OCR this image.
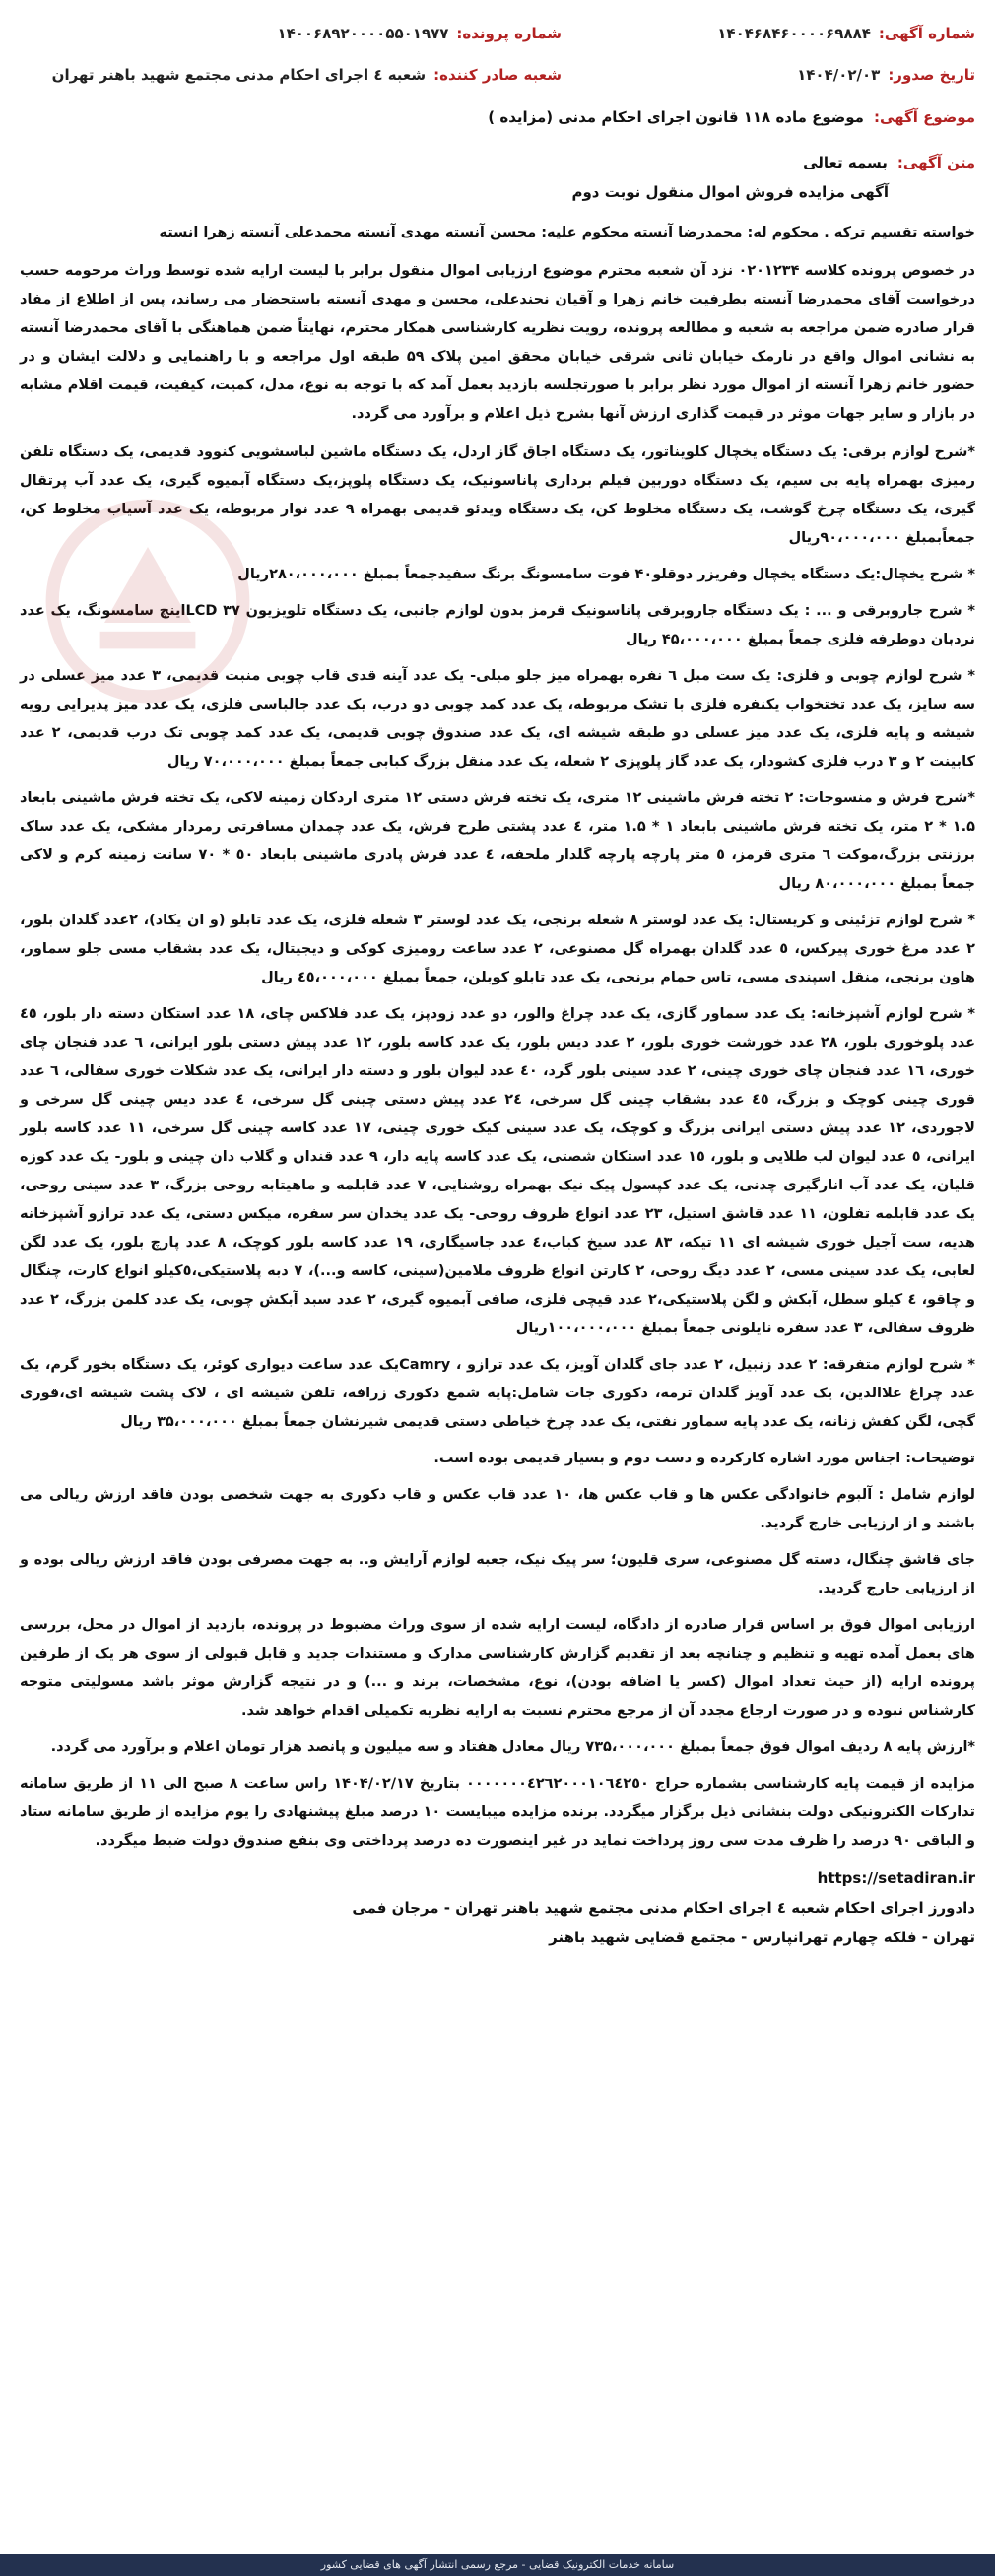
شماره آگهی:
۱۴۰۴۶۸۴۶۰۰۰۰۶۹۸۸۴
شماره پرونده:
۱۴۰۰۶۸۹۲۰۰۰۰۵۵۰۱۹۷۷
تاریخ صدور:
۱۴۰۴/۰۲/۰۳
شعبه صادر کننده:
شعبه ٤ اجرای احکام مدنی مجتمع شهید باهنر تهران
موضوع آگهی:
موضوع ماده ۱۱۸ قانون اجرای احکام مدنی (مزایده )
متن آگهی:
بسمه تعالی
آگهی مزایده فروش اموال منقول نوبت دوم
خواسته تقسیم ترکه . محکوم له: محمدرضا آنسته محکوم علیه: محسن آنسته مهدی آنسته محمدعلی آنسته زهرا انسته
در خصوص پرونده کلاسه ۰۲۰۱۲۳۴ نزد آن شعبه محترم موضوع ارزیابی اموال منقول برابر با لیست ارایه شده توسط وراث مرحومه حسب درخواست آقای محمدرضا آنسته بطرفیت خانم زهرا و آقیان نحندعلی، محسن و مهدی آنسته باستحضار می رساند، پس از اطلاع از مفاد قرار صادره ضمن مراجعه به شعبه و مطالعه پرونده، رویت نظریه کارشناسی همکار محترم، نهایتاً ضمن هماهنگی با آقای محمدرضا آنسته به نشانی اموال واقع در نارمک خیابان ثانی شرقی خیابان محقق امین پلاک ۵۹ طبقه اول مراجعه و با راهنمایی و دلالت ایشان و در حضور خانم زهرا آنسته از اموال مورد نظر برابر با صورتجلسه بازدید بعمل آمد که با توجه به نوع، مدل، کمیت، کیفیت، قیمت اقلام مشابه در بازار و سایر جهات موثر در قیمت گذاری ارزش آنها بشرح ذیل اعلام و برآورد می گردد.
*شرح لوازم برقی: یک دستگاه یخچال کلویناتور، یک دستگاه اجاق گاز اردل، یک دستگاه ماشین لباسشویی کنوود قدیمی، یک دستگاه تلفن رمیزی بهمراه پایه بی سیم، یک دستگاه دوربین فیلم برداری پاناسونیک، یک دستگاه پلوپز،یک دستگاه آبمیوه گیری، یک عدد آب پرتقال گیری، یک دستگاه چرخ گوشت، یک دستگاه مخلوط کن، یک دستگاه ویدئو قدیمی بهمراه ۹ عدد نوار مربوطه، یک عدد آسیاب مخلوط کن، جمعاًبمبلغ ۹۰،۰۰۰،۰۰۰ریال
* شرح یخچال:یک دستگاه یخچال وفریزر دوقلو۴۰ فوت سامسونگ برنگ سفیدجمعاً بمبلغ ۲۸۰،۰۰۰،۰۰۰ریال
* شرح جاروبرقی و ... : یک دستگاه جاروبرقی پاناسونیک قرمز بدون لوازم جانبی، یک دستگاه تلویزیون LCD ۳۷اینچ سامسونگ، یک عدد نردبان دوطرفه فلزی جمعاً بمبلغ ۴۵،۰۰۰،۰۰۰ ریال
* شرح لوازم چوبی و فلزی: یک ست مبل ٦ نفره بهمراه میز جلو مبلی- یک عدد آینه قدی قاب چوبی منبت قدیمی، ۳ عدد میز عسلی در سه سایز، یک عدد تختخواب یکنفره فلزی با تشک مربوطه، یک عدد کمد چوبی دو درب، یک عدد جالباسی فلزی، یک عدد میز پذیرایی رویه شیشه و پایه فلزی، یک عدد میز عسلی دو طبقه شیشه ای، یک عدد صندوق چوبی قدیمی، یک عدد کمد چوبی تک درب قدیمی، ۲ عدد کابینت ۲ و ۳ درب فلزی کشودار، یک عدد گاز پلوپزی ۲ شعله، یک عدد منقل بزرگ کبابی جمعاً بمبلغ ۷۰،۰۰۰،۰۰۰ ریال
*شرح فرش و منسوجات: ۲ تخته فرش ماشینی ۱۲ متری، یک تخته فرش دستی ۱۲ متری اردکان زمینه لاکی، یک تخته فرش ماشینی بابعاد ۱.۵ * ۲ متر، یک تخته فرش ماشینی بابعاد ۱ * ۱.۵ متر، ٤ عدد پشتی طرح فرش، یک عدد چمدان مسافرتی رمردار مشکی، یک عدد ساک برزنتی بزرگ،موکت ٦ متری قرمز، ٥ متر پارچه پارچه گلدار ملحفه، ٤ عدد فرش پادری ماشینی بابعاد ٥٠ * ٧٠ سانت زمینه کرم و لاکی جمعاً بمبلغ ۸۰،۰۰۰،۰۰۰ ریال
* شرح لوازم تزئینی و کریستال: یک عدد لوستر ۸ شعله برنجی، یک عدد لوستر ۳ شعله فلزی، یک عدد تابلو (و ان یکاد)، ۲عدد گلدان بلور، ۲ عدد مرغ خوری پیرکس، ٥ عدد گلدان بهمراه گل مصنوعی، ۲ عدد ساعت رومیزی کوکی و دیجیتال، یک عدد بشقاب مسی جلو سماور، هاون برنجی، منقل اسپندی مسی، تاس حمام برنجی، یک عدد تابلو کوبلن، جمعاً بمبلغ ٤٥،٠٠٠،٠٠٠ ریال
* شرح لوازم آشپزخانه: یک عدد سماور گازی، یک عدد چراغ والور، دو عدد زودپز، یک عدد فلاکس چای، ۱۸ عدد استکان دسته دار بلور، ٤٥ عدد پلوخوری بلور، ۲۸ عدد خورشت خوری بلور، ۲ عدد دیس بلور، یک عدد کاسه بلور، ۱۲ عدد پیش دستی بلور ایرانی، ٦ عدد فنجان چای خوری، ١٦ عدد فنجان چای خوری چینی، ۲ عدد سینی بلور گرد، ٤٠ عدد لیوان بلور و دسته دار ایرانی، یک عدد شکلات خوری سفالی، ٦ عدد قوری چینی کوچک و بزرگ، ٤٥ عدد بشقاب چینی گل سرخی، ۲٤ عدد پیش دستی چینی گل سرخی، ٤ عدد دیس چینی گل سرخی و لاجوردی، ١٢ عدد پیش دستی ایرانی بزرگ و کوچک، یک عدد سینی کیک خوری چینی، ١٧ عدد کاسه چینی گل سرخی، ١١ عدد کاسه بلور ایرانی، ٥ عدد لیوان لب طلایی و بلور، ١٥ عدد استکان شصتی، یک عدد کاسه پایه دار، ۹ عدد قندان و گلاب دان چینی و بلور- یک عدد کوزه قلیان، یک عدد آب انارگیری چدنی، یک عدد کپسول پیک نیک بهمراه روشنایی، ۷ عدد قابلمه و ماهیتابه روحی بزرگ، ۳ عدد سینی روحی، یک عدد قابلمه تفلون، ۱۱ عدد قاشق استیل، ۲۳ عدد انواع ظروف روحی- یک عدد یخدان سر سفره، میکس دستی، یک عدد ترازو آشپزخانه هدیه، ست آجیل خوری شیشه ای ۱۱ تیکه، ۸۳ عدد سیخ کباب،٤ عدد جاسیگاری، ۱۹ عدد کاسه بلور کوچک، ۸ عدد پارچ بلور، یک عدد لگن لعابی، یک عدد سینی مسی، ۲ عدد دیگ روحی، ۲ کارتن انواع ظروف ملامین(سینی، کاسه و...)، ۷ دبه پلاستیکی،٥کیلو انواع کارت، چنگال و چاقو، ٤ کیلو سطل، آبکش و لگن پلاستیکی،۲ عدد قیچی فلزی، صافی آبمیوه گیری، ۲ عدد سبد آبکش چوبی، یک عدد کلمن بزرگ، ۲ عدد ظروف سفالی، ۳ عدد سفره نایلونی جمعاً بمبلغ ۱۰۰،۰۰۰،۰۰۰ریال
* شرح لوازم متفرقه: ۲ عدد زنبیل، ۲ عدد جای گلدان آویز، یک عدد ترازو ، Camryیک عدد ساعت دیواری کوئر، یک دستگاه بخور گرم، یک عدد چراغ علاالدین، یک عدد آویز گلدان ترمه، دکوری جات شامل:پایه شمع دکوری زرافه، تلفن شیشه ای ، لاک پشت شیشه ای،قوری گچی، لگن کفش زنانه، یک عدد پایه سماور نفتی، یک عدد چرخ خیاطی دستی قدیمی شیرنشان جمعاً بمبلغ ۳۵،۰۰۰،۰۰۰ ریال
توضیحات: اجناس مورد اشاره کارکرده و دست دوم و بسیار قدیمی بوده است.
لوازم شامل : آلبوم خانوادگی عکس ها و قاب عکس ها، ۱۰ عدد قاب عکس و قاب دکوری به جهت شخصی بودن فاقد ارزش ریالی می باشند و از ارزیابی خارج گردید.
جای قاشق چنگال، دسته گل مصنوعی، سری قلیون؛ سر پیک نیک، جعبه لوازم آرایش و.. به جهت مصرفی بودن فاقد ارزش ریالی بوده و از ارزیابی خارج گردید.
ارزیابی اموال فوق بر اساس قرار صادره از دادگاه، لیست ارایه شده از سوی وراث مضبوط در پرونده، بازدید از اموال در محل، بررسی های بعمل آمده تهیه و تنظیم و چنانچه بعد از تقدیم گزارش کارشناسی مدارک و مستندات جدید و قابل قبولی از سوی هر یک از طرفین پرونده ارایه (از حیث تعداد اموال (کسر یا اضافه بودن)، نوع، مشخصات، برند و ...) و در نتیجه گزارش موثر باشد مسولیتی متوجه کارشناس نبوده و در صورت ارجاع مجدد آن از مرجع محترم نسبت به ارایه نظریه تکمیلی اقدام خواهد شد.
*ارزش پایه ۸ ردیف اموال فوق جمعاً بمبلغ ۷۳۵،۰۰۰،۰۰۰ ریال معادل هفتاد و سه میلیون و پانصد هزار تومان اعلام و برآورد می گردد.
مزایده از قیمت پایه کارشناسی بشماره حراج ٠٠٠٠٠٠٠٤٢٦٢٠٠٠١٠٦٤٢٥٠ بتاریخ ۱۴۰۴/۰۲/۱۷ راس ساعت ۸ صبح الی ۱۱ از طریق سامانه تدارکات الکترونیکی دولت بنشانی ذیل برگزار میگردد. برنده مزایده میبایست ۱۰ درصد مبلغ پیشنهادی را یوم مزایده از طریق سامانه ستاد و الباقی ٩٠ درصد را ظرف مدت سی روز پرداخت نماید در غیر اینصورت ده درصد پرداختی وی بنفع صندوق دولت ضبط میگردد.
https://setadiran.ir
دادورز اجرای احکام شعبه ٤ اجرای احکام مدنی مجتمع شهید باهنر تهران - مرجان فمی
تهران - فلکه چهارم تهرانپارس - مجتمع قضایی شهید باهنر
سامانه خدمات الکترونیک قضایی - مرجع رسمی انتشار آگهی های قضایی کشور
